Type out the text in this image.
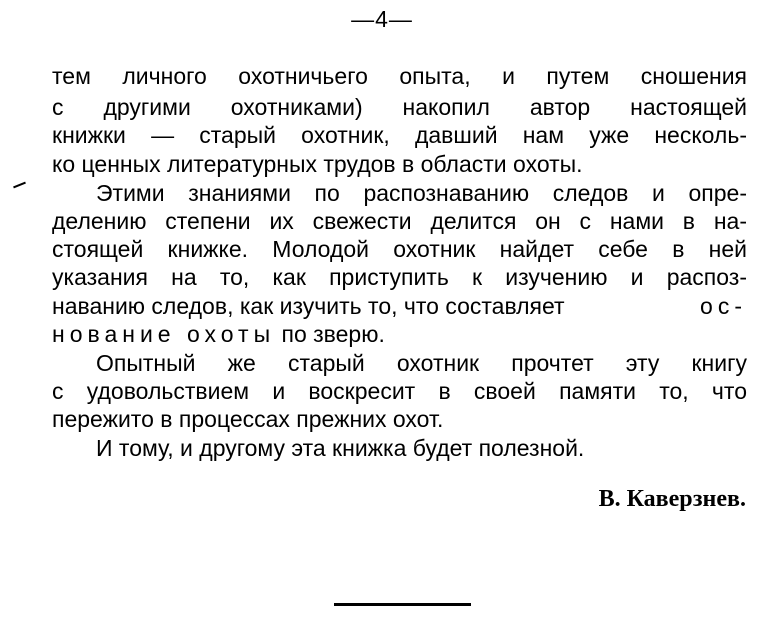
—4—
тем личного охотничьего опыта, и путем сношения
с другими охотниками) накопил автор настоящей
книжки — старый охотник, давший нам уже несколь-
ко ценных литературных трудов в области охоты.
Этими знаниями по распознаванию следов и опре-
делению степени их свежести делится он с нами в на-
стоящей книжке. Молодой охотник найдет себе в ней
указания на то, как приступить к изучению и распоз-
наванию следов, как изучить то, что составляет	ос-
нование охоты по зверю.
Опытный же старый охотник прочтет эту книгу
с удовольствием и воскресит в своей памяти то, что
пережито в процессах прежних охот.
И тому, и другому эта книжка будет полезной.
В. Каверзнев.
